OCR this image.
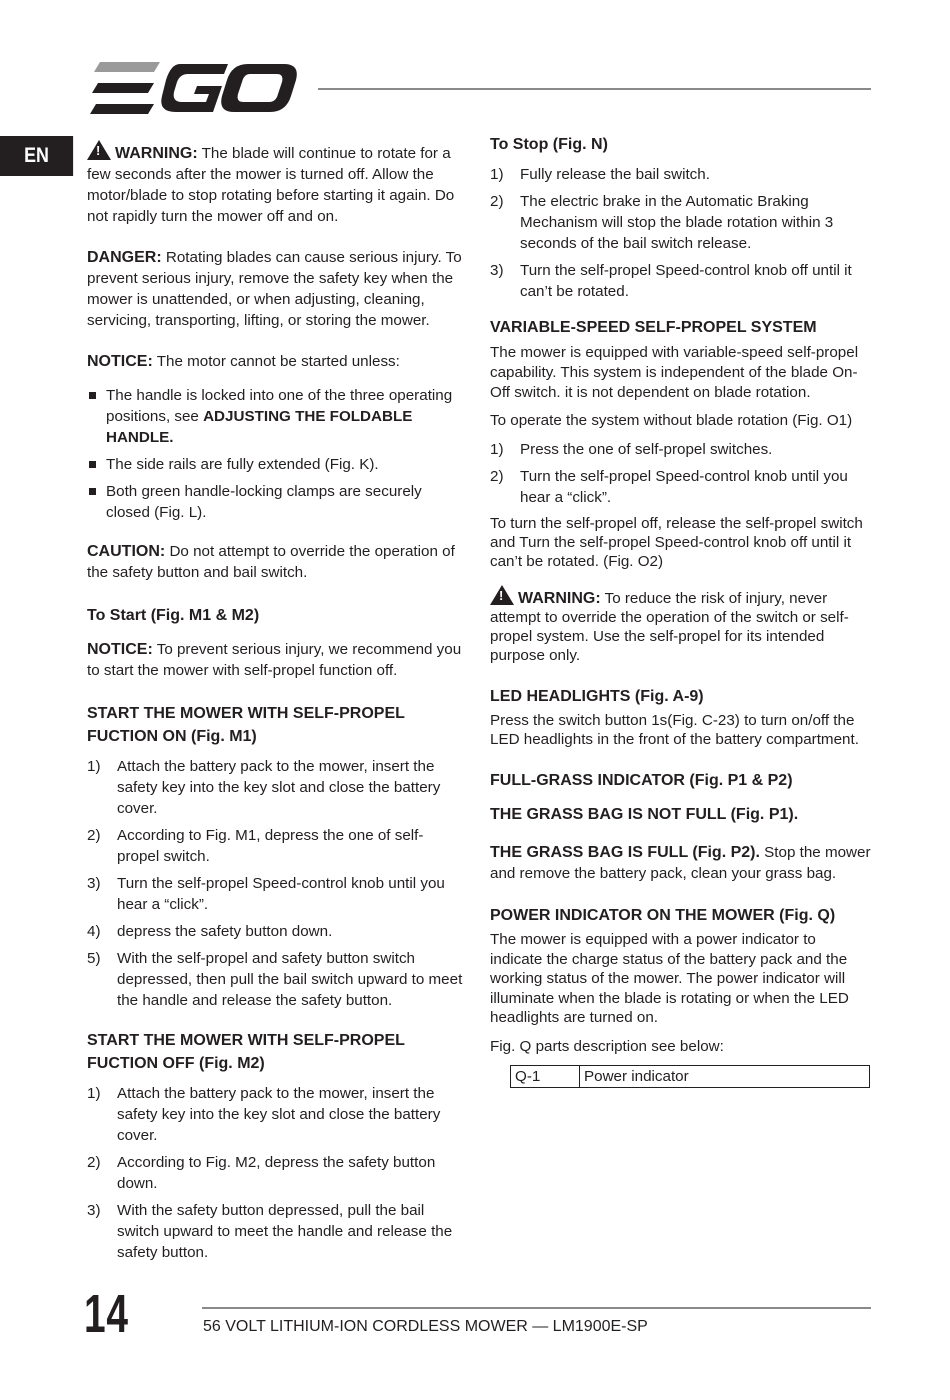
EN

!	WARNING: The blade will continue to rotate for a few seconds after the mower is turned off. Allow the motor/blade to stop rotating before starting it again. Do not rapidly turn the mower off and on.

DANGER: Rotating blades can cause serious injury. To prevent serious injury, remove the safety key when the mower is unattended, or when adjusting, cleaning, servicing, transporting, lifting, or storing the mower.

NOTICE: The motor cannot be started unless:

The handle is locked into one of the three operating positions, see ADJUSTING THE FOLDABLE HANDLE.
The side rails are fully extended (Fig. K).
Both green handle-locking clamps are securely closed (Fig. L).

CAUTION: Do not attempt to override the operation of the safety button and bail switch.

To Start (Fig. M1 & M2)

NOTICE: To prevent serious injury, we recommend you to start the mower with self-propel function off.

START THE MOWER WITH SELF-PROPEL FUCTION ON (Fig. M1)
1) Attach the battery pack to the mower, insert the safety key into the key slot and close the battery cover.
2) According to Fig. M1, depress the one of self-propel switch.
3) Turn the self-propel Speed-control knob until you hear a “click”.
4) depress the safety button down.
5) With the self-propel and safety button switch depressed, then pull the bail switch upward to meet the handle and release the safety button.
START THE MOWER WITH SELF-PROPEL FUCTION OFF (Fig. M2)
1) Attach the battery pack to the mower, insert the safety key into the key slot and close the battery cover.
2) According to Fig. M2, depress the safety button down.
3) With the safety button depressed, pull the bail switch upward to meet the handle and release the safety button.
To Stop (Fig. N)
1) Fully release the bail switch.
2) The electric brake in the Automatic Braking Mechanism will stop the blade rotation within 3 seconds of the bail switch release.
3) Turn the self-propel Speed-control knob off until it can’t be rotated.
VARIABLE-SPEED SELF-PROPEL SYSTEM

The mower is equipped with variable-speed self-propel capability. This system is independent of the blade On-Off switch. it is not dependent on blade rotation.

To operate the system without blade rotation (Fig. O1)

1) Press the one of self-propel switches.
2) Turn the self-propel Speed-control knob until you hear a “click”.

To turn the self-propel off, release the self-propel switch and Turn the self-propel Speed-control knob off until it can’t be rotated. (Fig. O2)

!WARNING: To reduce the risk of injury, never attempt to override the operation of the switch or self-propel system. Use the self-propel for its intended purpose only.

LED HEADLIGHTS (Fig. A-9)

Press the switch button 1s(Fig. C-23) to turn on/off the LED headlights in the front of the battery compartment.

FULL-GRASS INDICATOR (Fig. P1 & P2)

THE GRASS BAG IS NOT FULL (Fig. P1).

THE GRASS BAG IS FULL (Fig. P2). Stop the mower and remove the battery pack, clean your grass bag.

POWER INDICATOR ON THE MOWER (Fig. Q)

The mower is equipped with a power indicator to indicate the charge status of the battery pack and the working status of the mower. The power indicator will illuminate when the blade is rotating or when the LED headlights are turned on.

Fig. Q parts description see below:

Q-1	Power indicator
14	56 VOLT LITHIUM-ION CORDLESS MOWER — LM1900E-SP
